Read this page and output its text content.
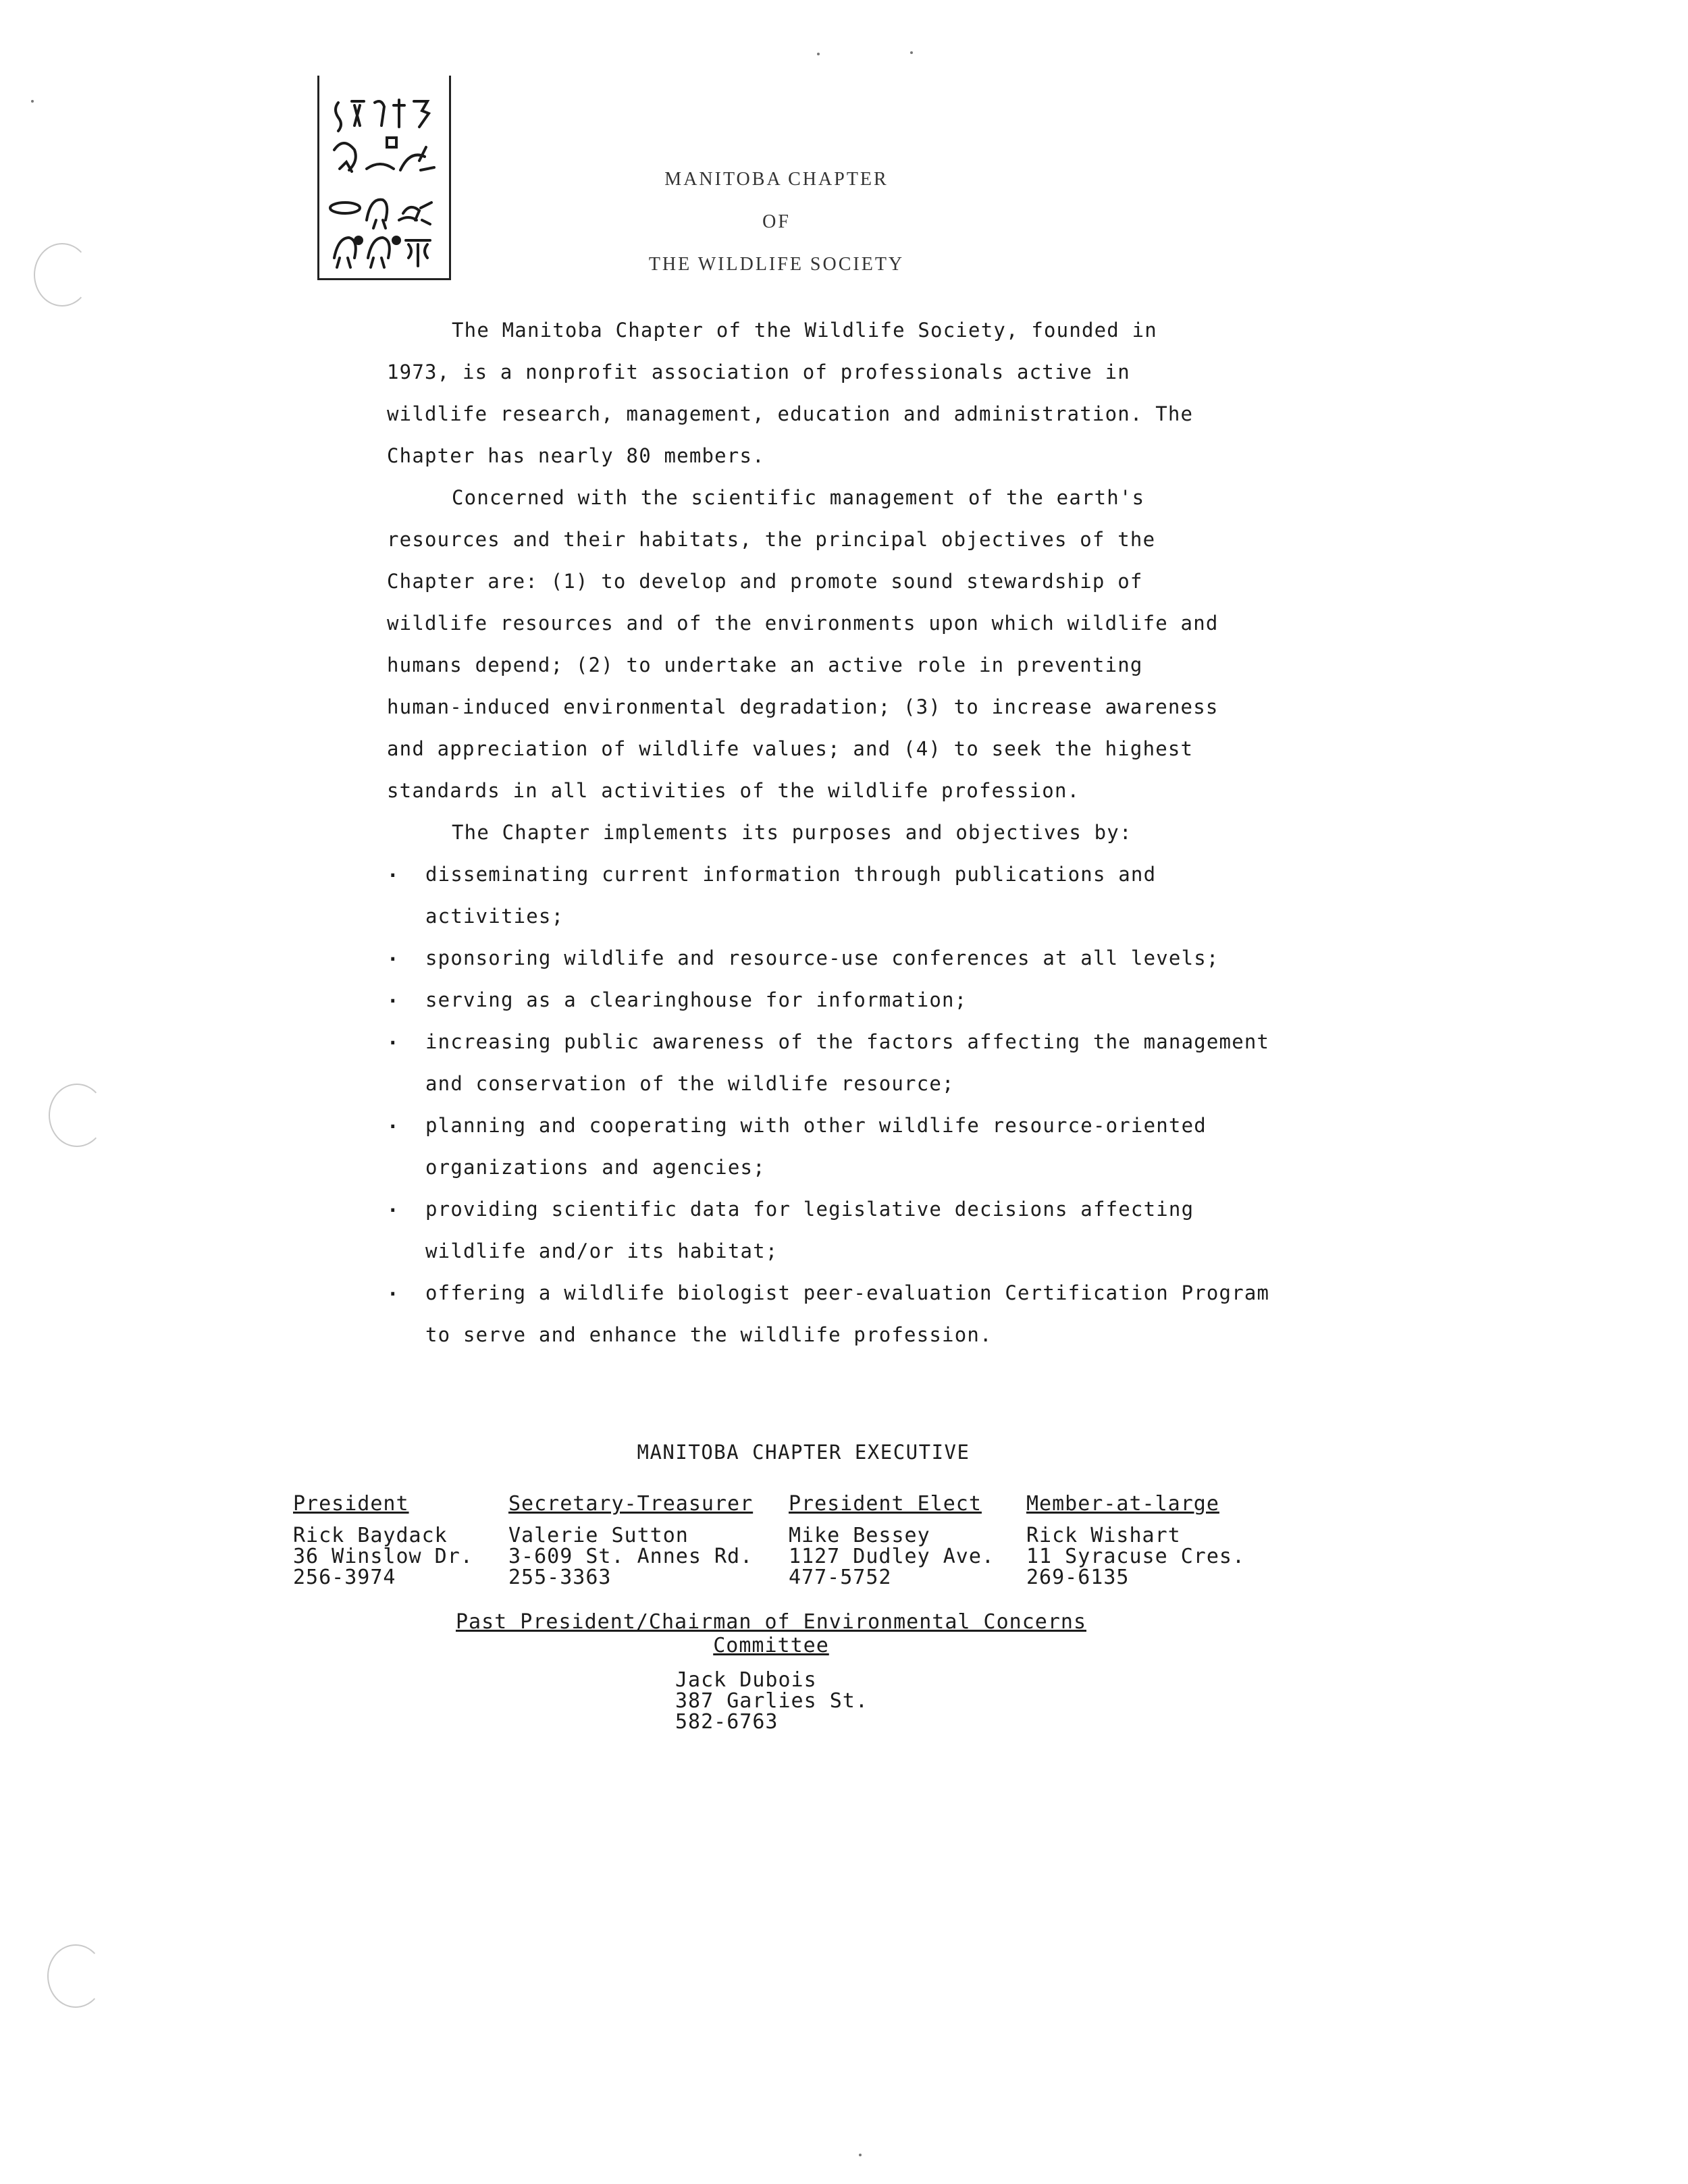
MANITOBA CHAPTER
OF
THE WILDLIFE SOCIETY

The Manitoba Chapter of the Wildlife Society, founded in 1973, is a nonprofit association of professionals active in wildlife research, management, education and administration. The Chapter has nearly 80 members.

Concerned with the scientific management of the earth's resources and their habitats, the principal objectives of the Chapter are: (1) to develop and promote sound stewardship of wildlife resources and of the environments upon which wildlife and humans depend; (2) to undertake an active role in preventing human-induced environmental degradation; (3) to increase awareness and appreciation of wildlife values; and (4) to seek the highest standards in all activities of the wildlife profession.

The Chapter implements its purposes and objectives by:

. disseminating current information through publications and activities;
. sponsoring wildlife and resource-use conferences at all levels;
. serving as a clearinghouse for information;
. increasing public awareness of the factors affecting the management and conservation of the wildlife resource;
. planning and cooperating with other wildlife resource-oriented organizations and agencies;
. providing scientific data for legislative decisions affecting wildlife and/or its habitat;
. offering a wildlife biologist peer-evaluation Certification Program to serve and enhance the wildlife profession.
MANITOBA CHAPTER EXECUTIVE
President
Rick Baydack
36 Winslow Dr.
256-3974
Secretary-Treasurer
Valerie Sutton
3-609 St. Annes Rd.
255-3363
President Elect
Mike Bessey
1127 Dudley Ave.
477-5752
Member-at-large
Rick Wishart
11 Syracuse Cres.
269-6135
Past President/Chairman of Environmental Concerns Committee
Jack Dubois
387 Garlies St.
582-6763
